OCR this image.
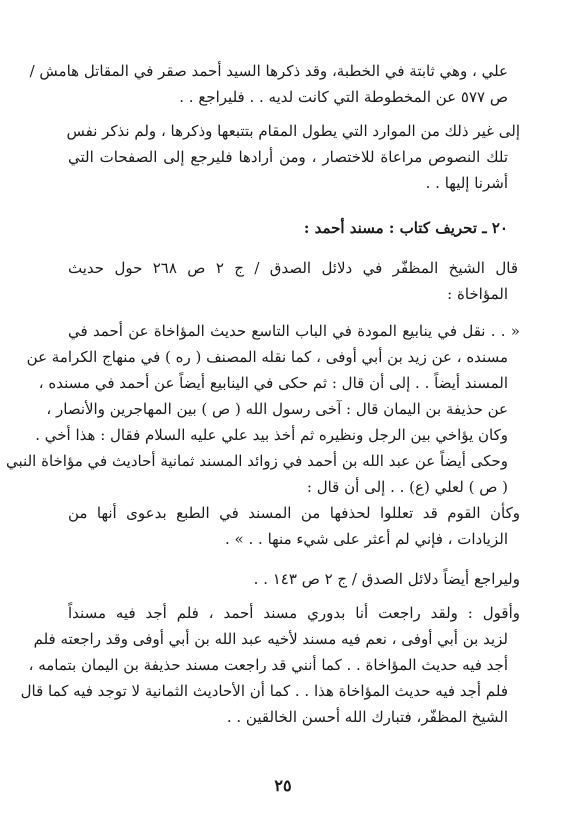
علي ، وهي ثابتة في الخطبة، وقد ذكرها السيد أحمد صقر في المقاتل هامش /
ص ٥٧٧ عن المخطوطة التي كانت لديه . . فليراجع . .
إلى غير ذلك من الموارد التي يطول المقام بتتبعها وذكرها ، ولم نذكر نفس
تلك النصوص مراعاة للاختصار ، ومن أرادها فليرجع إلى الصفحات التي
أشرنا إليها . .
٢٠ ـ تحريف كتاب : مسند أحمد :
قال الشيخ المظفّر في دلائل الصدق / ج ٢ ص ٢٦٨ حول حديث
المؤاخاة :
« . . نقل في ينابيع المودة في الباب التاسع حديث المؤاخاة عن أحمد في
مسنده ، عن زيد بن أبي أوفى ، كما نقله المصنف ( ره ) في منهاج الكرامة عن
المسند أيضاً . . إلى أن قال : ثم حكى في الينابيع أيضاً عن أحمد في مسنده ،
عن حذيفة بن اليمان قال : آخى رسول الله ( ص ) بين المهاجرين والأنصار ،
وكان يؤاخي بين الرجل ونظيره ثم أخذ بيد علي عليه السلام فقال : هذا أخي .
وحكى أيضاً عن عبد الله بن أحمد في زوائد المسند ثمانية أحاديث في مؤاخاة النبي
( ص ) لعلي (ع) . . إلى أن قال :
وكأن القوم قد تعللوا لحذفها من المسند في الطبع بدعوى أنها من
الزيادات ، فإني لم أعثر على شيء منها . . » .
وليراجع أيضاً دلائل الصدق / ج ٢ ص ١٤٣ . .
وأقول : ولقد راجعت أنا بدوري مسند أحمد ، فلم أجد فيه مسنداً
لزيد بن أبي أوفى ، نعم فيه مسند لأخيه عبد الله بن أبي أوفى وقد راجعته فلم
أجد فيه حديث المؤاخاة . . كما أنني قد راجعت مسند حذيفة بن اليمان بتمامه ،
فلم أجد فيه حديث المؤاخاة هذا . . كما أن الأحاديث الثمانية لا توجد فيه كما قال
الشيخ المظفّر، فتبارك الله أحسن الخالقين . .
٢٥
